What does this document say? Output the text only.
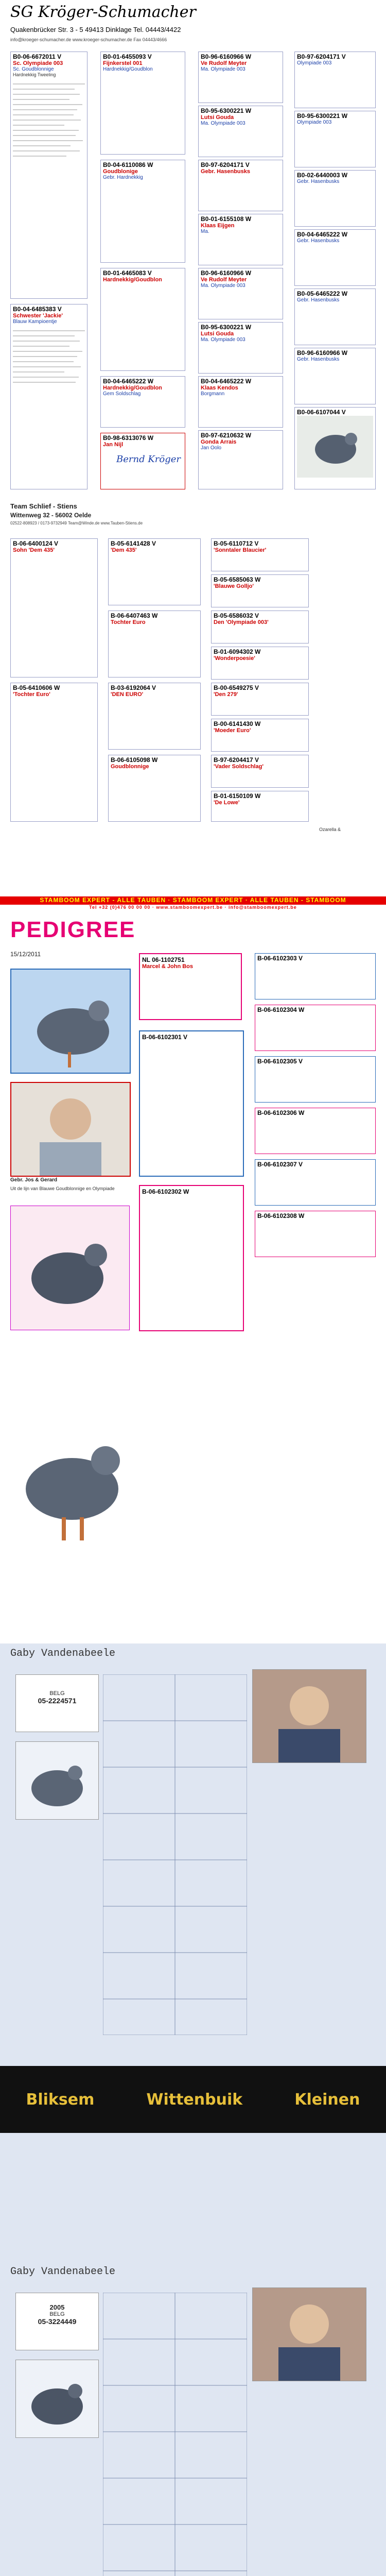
SG Kröger-Schumacher
Quakenbrücker Str. 3 - 5 49413 Dinklage Tel. 04443/4422
info@kroeger-schumacher.de www.kroeger-schumacher.de Fax 04443/4666
B0-06-6672011 V
Sc. Olympiade 003
Sc. Goudblonnige
Hardnekkig Tweeling
B0-04-6485383 V
Schwester 'Jackie'
Blauw Kampioentje
B0-01-6455093 V
Fijnkerstel 001
Hardnekkig/Goudblon
B0-04-6110086 W
Goudblonige
Gebr. Hardnekkig
B0-01-6465083 V
Hardnekkig/Goudblon
B0-04-6465222 W
Hardnekkig/Goudblon
Gem Soldschlag
B0-98-6313076 W
Jan Nijl
Bernd Kröger
B0-96-6160966 W
Ve Rudolf Meyter
Ma. Olympiade 003
B0-95-6300221 W
Lutsi Gouda
Ma. Olympiade 003
B0-97-6204171 V
Gebr. Hasenbusks
B0-01-6155108 W
Klaas Eijgen
Ma.
B0-96-6160966 W
Ve Rudolf Meyter
Ma. Olympiade 003
B0-95-6300221 W
Lutsi Gouda
Ma. Olympiade 003
B0-04-6465222 W
Klaas Kendos
Borgmann
B0-97-6210632 W
Gonda Arrais
Jan Oolo
B0-97-6204171 V
Olympiade 003
B0-95-6300221 W
Olympiade 003
B0-02-6440003 W
Gebr. Hasenbusks
B0-04-6465222 W
Gebr. Hasenbusks
B0-05-6465222 W
Gebr. Hasenbusks
B0-96-6160966 W
Gebr. Hasenbusks
B0-06-6107044 V
Team Schlief - Stiens
Wittenweg 32 - 56002 Oelde
02522-808923 / 0173-9732949 Team@Winde.de www.Tauben-Stiens.de
B-06-6400124 V
Sohn 'Dem 435'
B-05-6410606 W
'Tochter Euro'
B-05-6141428 V
'Dem 435'
B-06-6407463 W
Tochter Euro
B-03-6192064 V
'DEN EURO'
B-06-6105098 W
Goudblonnige
B-05-6110712 V
'Sonntaler Blaucier'
B-05-6585063 W
'Blauwe Golljo'
B-05-6586032 V
Den 'Olympiade 003'
B-01-6094302 W
'Wonderpoesie'
B-00-6549275 V
'Den 279'
B-00-6141430 W
'Moeder Euro'
B-97-6204417 V
'Vader Soldschlag'
B-01-6150109 W
'De Lowe'
Ozarella &
STAMBOOM EXPERT - ALLE TAUBEN · STAMBOOM EXPERT · ALLE TAUBEN - STAMBOOM
Tel +32 (0)476 00 00 00 · www.stamboomexpert.be · info@stamboomexpert.be
PEDIGREE
15/12/2011
Gebr. Jos & Gerard
Uit de lijn van Blauwe Goudblonnige en Olympiade
NL 06-1102751
Marcel & John Bos
B-06-6102301 V
B-06-6102302 W
B-06-6102303 V
B-06-6102304 W
B-06-6102305 V
B-06-6102306 W
B-06-6102307 V
B-06-6102308 W
Gaby Vandenabeele
BELG
05-2224571
Bliksem	Wittenbuik	Kleinen
Gaby Vandenabeele
2005
BELG
05-3224449
